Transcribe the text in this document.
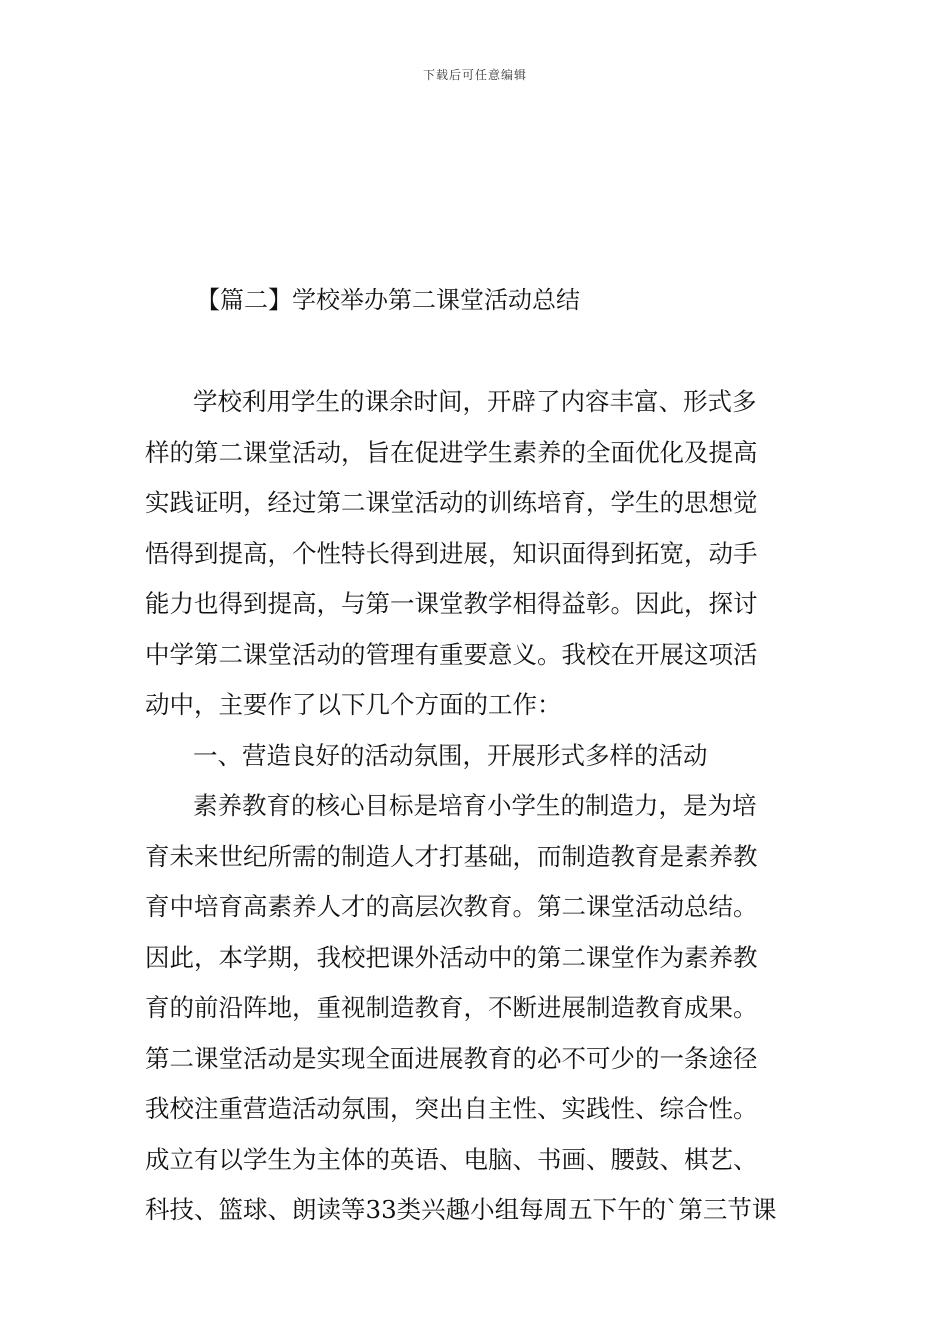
下载后可任意编辑
【篇二】学校举办第二课堂活动总结
学校利用学生的课余时间，开辟了内容丰富、形式多
样的第二课堂活动，旨在促进学生素养的全面优化及提高
实践证明，经过第二课堂活动的训练培育，学生的思想觉
悟得到提高，个性特长得到进展，知识面得到拓宽，动手
能力也得到提高，与第一课堂教学相得益彰。因此，探讨
中学第二课堂活动的管理有重要意义。我校在开展这项活
动中，主要作了以下几个方面的工作：
一、营造良好的活动氛围，开展形式多样的活动
素养教育的核心目标是培育小学生的制造力，是为培
育未来世纪所需的制造人才打基础，而制造教育是素养教
育中培育高素养人才的高层次教育。第二课堂活动总结。
因此，本学期，我校把课外活动中的第二课堂作为素养教
育的前沿阵地，重视制造教育，不断进展制造教育成果。
第二课堂活动是实现全面进展教育的必不可少的一条途径
我校注重营造活动氛围，突出自主性、实践性、综合性。
成立有以学生为主体的英语、电脑、书画、腰鼓、棋艺、
科技、篮球、朗读等33类兴趣小组每周五下午的`第三节课
